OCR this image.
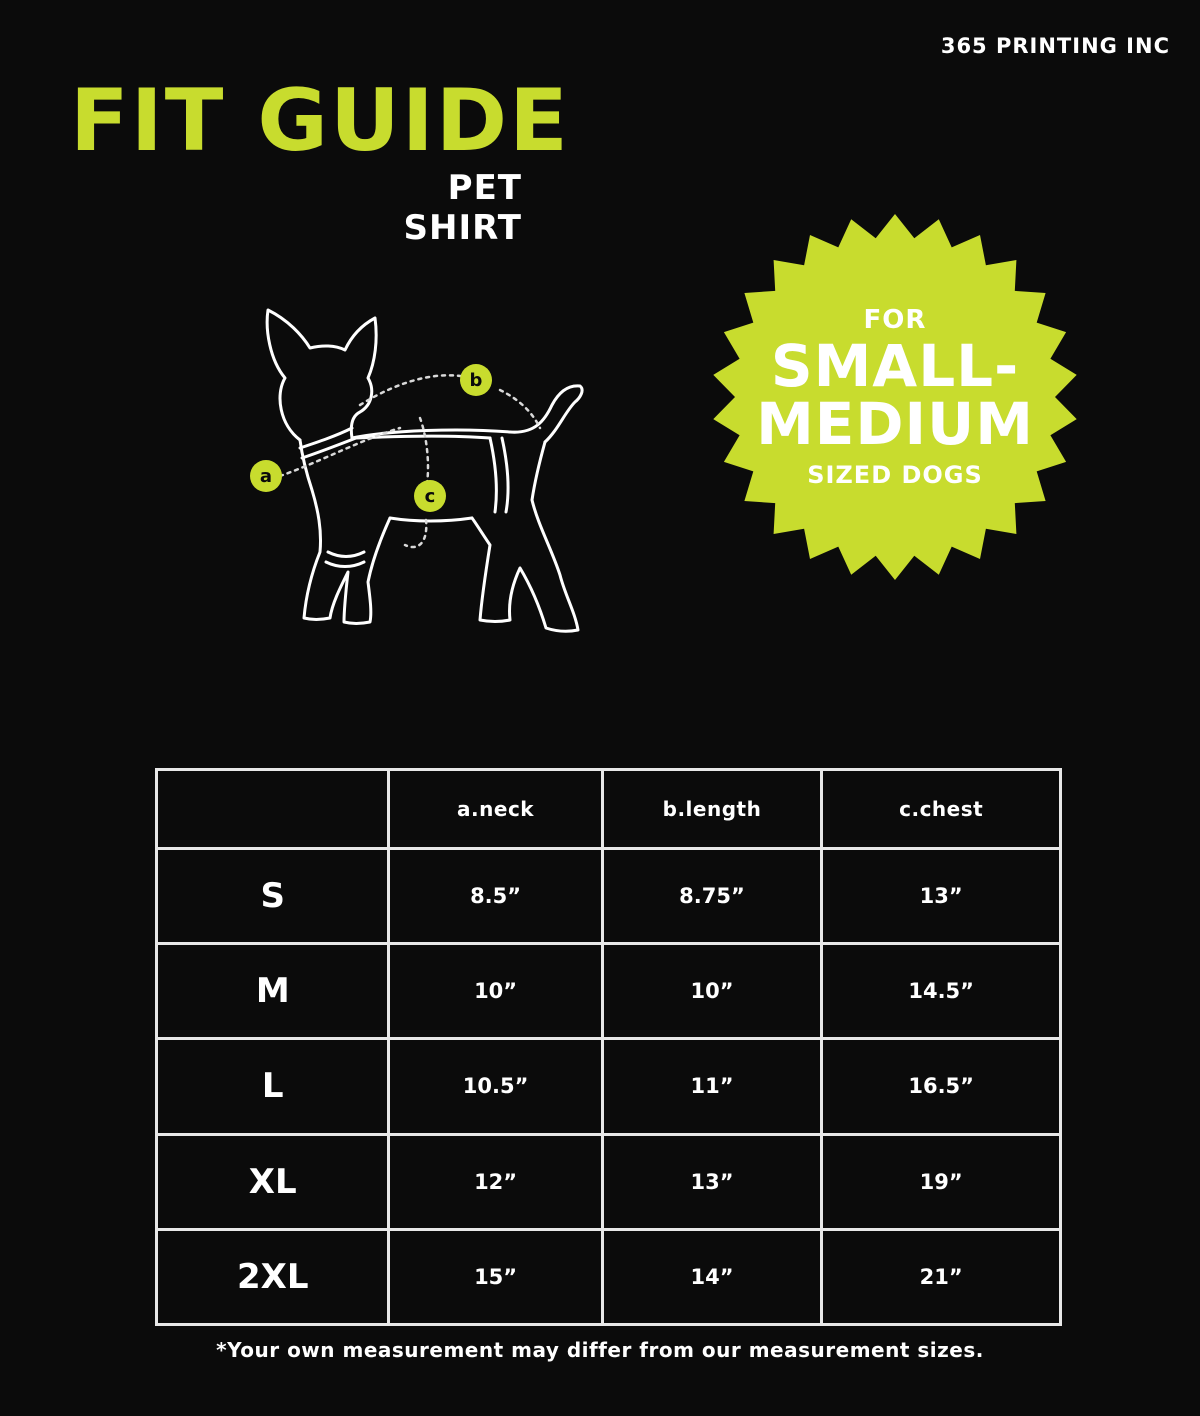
365 PRINTING INC
FIT GUIDE
PET SHIRT
a
b
c
FOR
SMALL-
MEDIUM
SIZED DOGS
	a.neck	b.length	c.chest
S	8.5”	8.75”	13”
M	10”	10”	14.5”
L	10.5”	11”	16.5”
XL	12”	13”	19”
2XL	15”	14”	21”
*Your own measurement may differ from our measurement sizes.
